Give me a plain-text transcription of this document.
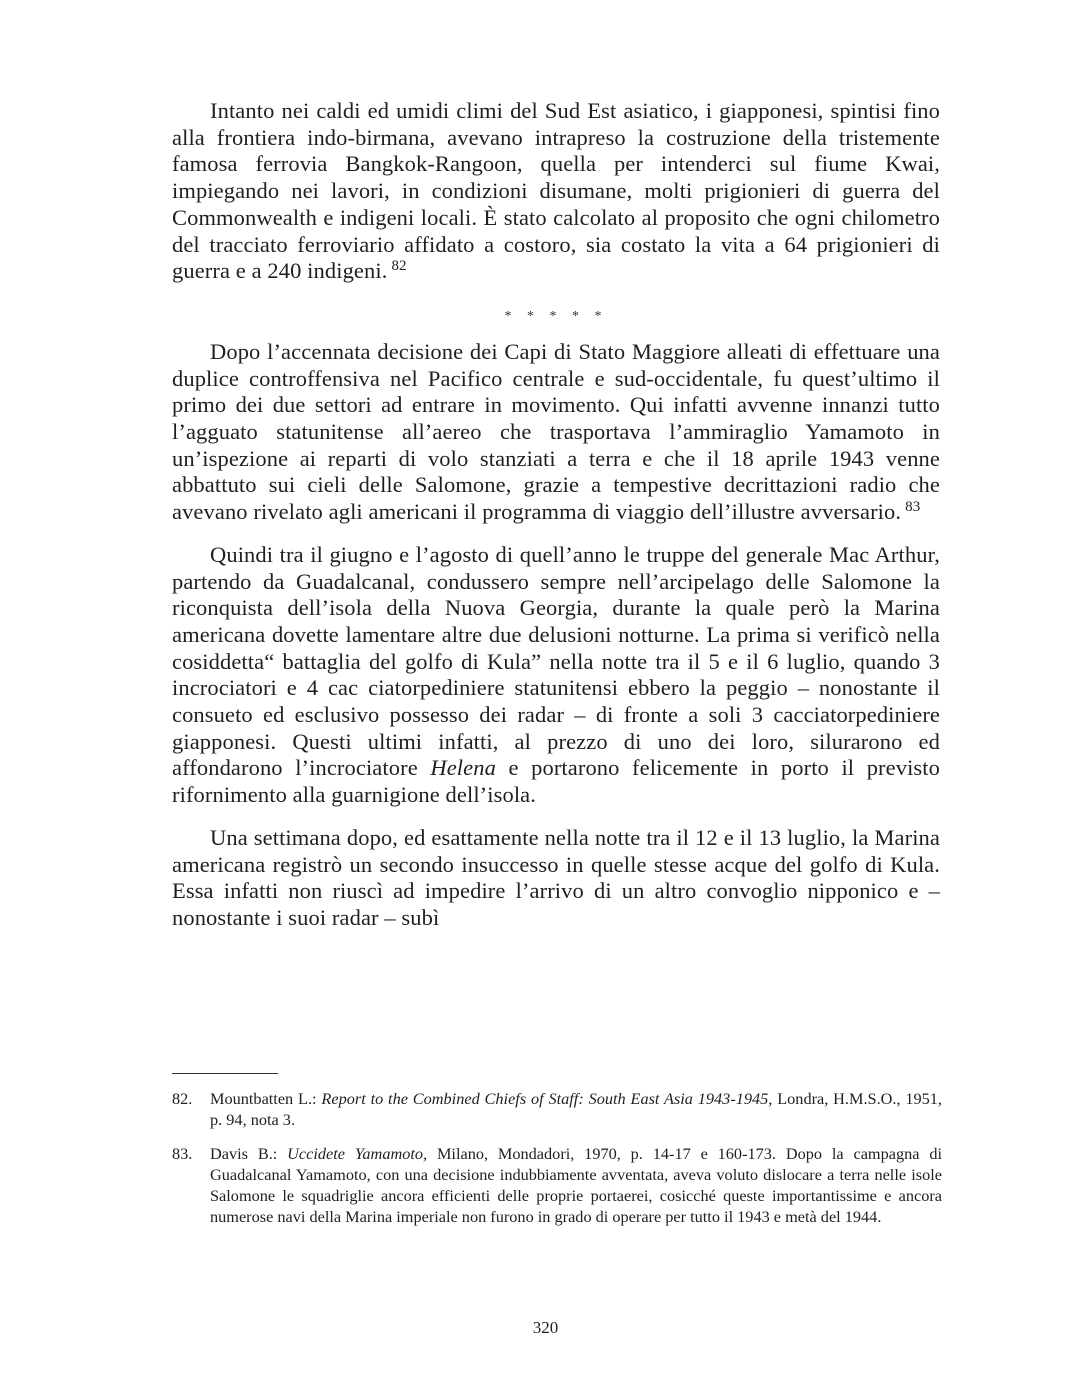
Intanto nei caldi ed umidi climi del Sud Est asiatico, i giapponesi, spintisi fino alla frontiera indo-birmana, avevano intrapreso la costruzione della tristemente famosa ferrovia Bangkok-Rangoon, quella per intenderci sul fiume Kwai, impiegando nei lavori, in condizioni disumane, molti prigionieri di guerra del Commonwealth e indigeni locali. È stato calcolato al proposito che ogni chilometro del tracciato ferroviario affidato a costoro, sia costato la vita a 64 prigionieri di guerra e a 240 indigeni. $^{82}$

* * * * *

Dopo l’accennata decisione dei Capi di Stato Maggiore alleati di effettuare una duplice controffensiva nel Pacifico centrale e sud-occidentale, fu quest’ultimo il primo dei due settori ad entrare in movimento. Qui infatti avvenne innanzi tutto l’agguato statunitense all’aereo che trasportava l’ammiraglio Yamamoto in un’ispezione ai reparti di volo stanziati a terra e che il 18 aprile 1943 venne abbattuto sui cieli delle Salomone, grazie a tempestive decrittazioni radio che avevano rivelato agli americani il programma di viaggio dell’illustre avversario. $^{83}$

Quindi tra il giugno e l’agosto di quell’anno le truppe del generale Mac Arthur, partendo da Guadalcanal, condussero sempre nell’arcipelago delle Salomone la riconquista dell’isola della Nuova Georgia, durante la quale però la Marina americana dovette lamentare altre due delusioni notturne. La prima si verificò nella cosiddetta“ battaglia del golfo di Kula” nella notte tra il 5 e il 6 luglio, quando 3 incrociatori e 4 cac ciatorpediniere statunitensi ebbero la peggio – nonostante il consueto ed esclusivo possesso dei radar – di fronte a soli 3 cacciatorpediniere giapponesi. Questi ultimi infatti, al prezzo di uno dei loro, silurarono ed affondarono l’incrociatore Helena e portarono felicemente in porto il previsto rifornimento alla guarnigione dell’isola.

Una settimana dopo, ed esattamente nella notte tra il 12 e il 13 luglio, la Marina americana registrò un secondo insuccesso in quelle stesse acque del golfo di Kula. Essa infatti non riuscì ad impedire l’arrivo di un altro convoglio nipponico e – nonostante i suoi radar – subì

82.	Mountbatten L.: Report to the Combined Chiefs of Staff: South East Asia 1943-1945, Londra, H.M.S.O., 1951, p. 94, nota 3.
83.	Davis B.: Uccidete Yamamoto, Milano, Mondadori, 1970, p. 14-17 e 160-173. Dopo la campagna di Guadalcanal Yamamoto, con una decisione indubbiamente avventata, aveva voluto dislocare a terra nelle isole Salomone le squadriglie ancora efficienti delle proprie portaerei, cosicché queste importantissime e ancora numerose navi della Marina imperiale non furono in grado di operare per tutto il 1943 e metà del 1944.
320
